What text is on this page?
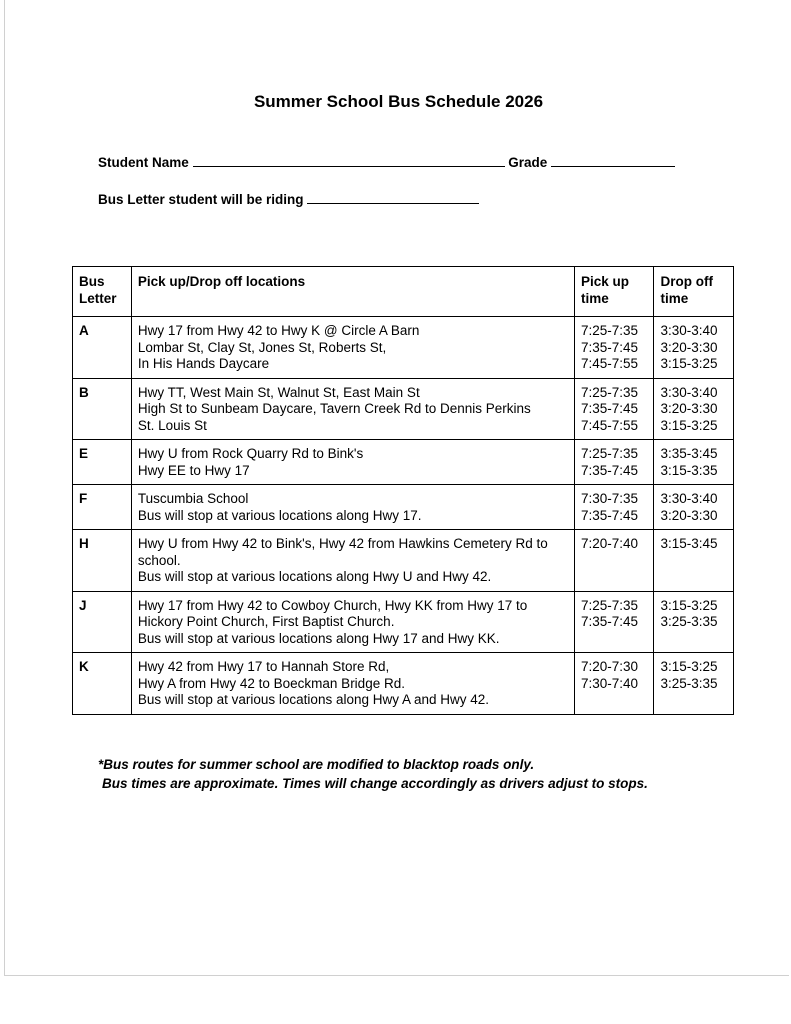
Summer School Bus Schedule 2026
Student Name	Grade
Bus Letter student will be riding
Bus
Letter	Pick up/Drop off locations	Pick up
time	Drop off
time

A	Hwy 17 from Hwy 42 to Hwy K @ Circle A Barn
Lombar St, Clay St, Jones St, Roberts St,
In His Hands Daycare	7:25-7:35
7:35-7:45
7:45-7:55	3:30-3:40
3:20-3:30
3:15-3:25

B	Hwy TT, West Main St, Walnut St, East Main St
High St to Sunbeam Daycare, Tavern Creek Rd to Dennis Perkins
St. Louis St	7:25-7:35
7:35-7:45
7:45-7:55	3:30-3:40
3:20-3:30
3:15-3:25

E	Hwy U from Rock Quarry Rd to Bink's
Hwy EE to Hwy 17	7:25-7:35
7:35-7:45	3:35-3:45
3:15-3:35

F	Tuscumbia School
Bus will stop at various locations along Hwy 17.	7:30-7:35
7:35-7:45	3:30-3:40
3:20-3:30

H	Hwy U from Hwy 42 to Bink's, Hwy 42 from Hawkins Cemetery Rd to
school.
Bus will stop at various locations along Hwy U and Hwy 42.	7:20-7:40	3:15-3:45

J	Hwy 17 from Hwy 42 to Cowboy Church, Hwy KK from Hwy 17 to
Hickory Point Church, First Baptist Church.
Bus will stop at various locations along Hwy 17 and Hwy KK.	7:25-7:35
7:35-7:45	3:15-3:25
3:25-3:35

K	Hwy 42 from Hwy 17 to Hannah Store Rd,
Hwy A from Hwy 42 to Boeckman Bridge Rd.
Bus will stop at various locations along Hwy A and Hwy 42.	7:20-7:30
7:30-7:40	3:15-3:25
3:25-3:35
*Bus routes for summer school are modified to blacktop roads only.
Bus times are approximate. Times will change accordingly as drivers adjust to stops.
